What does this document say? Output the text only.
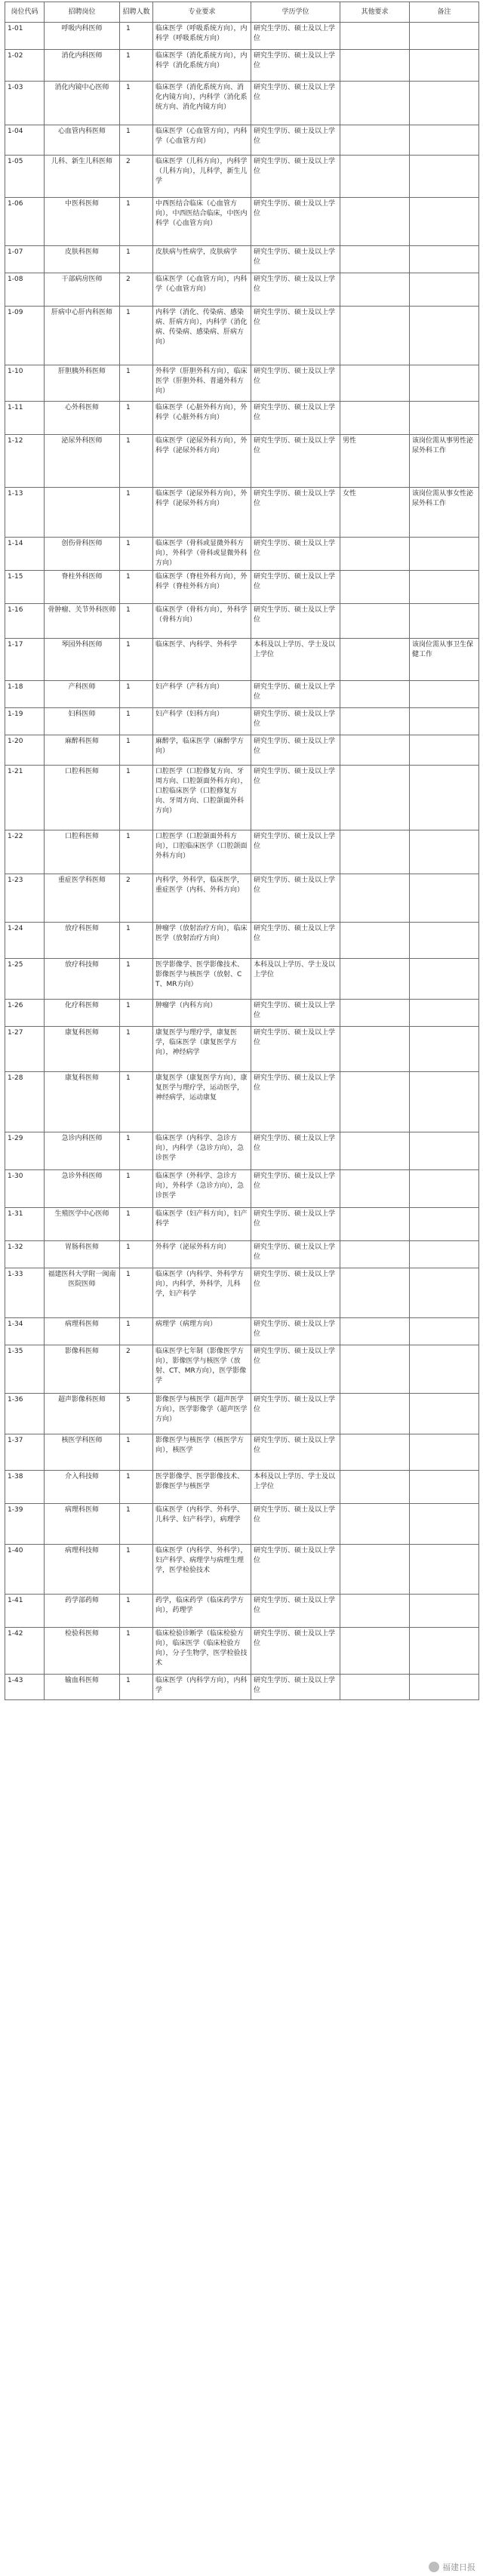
岗位代码	招聘岗位	招聘人数	专业要求	学历学位	其他要求	备注
1-01	呼吸内科医师	1	临床医学（呼吸系统方向），内科学（呼吸系统方向）	研究生学历、硕士及以上学位		
1-02	消化内科医师	1	临床医学（消化系统方向），内科学（消化系统方向）	研究生学历、硕士及以上学位		
1-03	消化内镜中心医师	1	临床医学（消化系统方向、消化内镜方向），内科学（消化系统方向、消化内镜方向）	研究生学历、硕士及以上学位		
1-04	心血管内科医师	1	临床医学（心血管方向），内科学（心血管方向）	研究生学历、硕士及以上学位		
1-05	儿科、新生儿科医师	2	临床医学（儿科方向），内科学（儿科方向），儿科学，新生儿学	研究生学历、硕士及以上学位		
1-06	中医科医师	1	中西医结合临床（心血管方向），中西医结合临床，中医内科学（心血管方向）	研究生学历、硕士及以上学位		
1-07	皮肤科医师	1	皮肤病与性病学，皮肤病学	研究生学历、硕士及以上学位		
1-08	干部病房医师	2	临床医学（心血管方向），内科学（心血管方向）	研究生学历、硕士及以上学位		
1-09	肝病中心肝内科医师	1	内科学（消化、传染病、感染病、肝病方向），内科学（消化病、传染病、感染病、肝病方向）	研究生学历、硕士及以上学位		
1-10	肝胆胰外科医师	1	外科学（肝胆外科方向），临床医学（肝胆外科、普通外科方向）	研究生学历、硕士及以上学位		
1-11	心外科医师	1	临床医学（心脏外科方向），外科学（心脏外科方向）	研究生学历、硕士及以上学位		
1-12	泌尿外科医师	1	临床医学（泌尿外科方向），外科学（泌尿外科方向）	研究生学历、硕士及以上学位	男性	该岗位需从事男性泌尿外科工作
1-13		1	临床医学（泌尿外科方向），外科学（泌尿外科方向）	研究生学历、硕士及以上学位	女性	该岗位需从事女性泌尿外科工作
1-14	创伤骨科医师	1	临床医学（骨科或显微外科方向），外科学（骨科或显微外科方向）	研究生学历、硕士及以上学位		
1-15	脊柱外科医师	1	临床医学（脊柱外科方向），外科学（脊柱外科方向）	研究生学历、硕士及以上学位		
1-16	骨肿瘤、关节外科医师	1	临床医学（骨科方向），外科学（骨科方向）	研究生学历、硕士及以上学位		
1-17	琴园外科医师	1	临床医学、内科学、外科学	本科及以上学历、学士及以上学位		该岗位需从事卫生保健工作
1-18	产科医师	1	妇产科学（产科方向）	研究生学历、硕士及以上学位		
1-19	妇科医师	1	妇产科学（妇科方向）	研究生学历、硕士及以上学位		
1-20	麻醉科医师	1	麻醉学，临床医学（麻醉学方向）	研究生学历、硕士及以上学位		
1-21	口腔科医师	1	口腔医学（口腔修复方向、牙周方向、口腔颌面外科方向），口腔临床医学（口腔修复方向、牙周方向、口腔颌面外科方向）	研究生学历、硕士及以上学位		
1-22	口腔科医师	1	口腔医学（口腔颌面外科方向），口腔临床医学（口腔颌面外科方向）	研究生学历、硕士及以上学位		
1-23	重症医学科医师	2	内科学，外科学，临床医学，重症医学（内科、外科方向）	研究生学历、硕士及以上学位		
1-24	放疗科医师	1	肿瘤学（放射治疗方向），临床医学（放射治疗方向）	研究生学历、硕士及以上学位		
1-25	放疗科技师	1	医学影像学、医学影像技术、影像医学与核医学（放射、CT、MR方向）	本科及以上学历、学士及以上学位		
1-26	化疗科医师	1	肿瘤学（内科方向）	研究生学历、硕士及以上学位		
1-27	康复科医师	1	康复医学与理疗学，康复医学，临床医学（康复医学方向），神经病学	研究生学历、硕士及以上学位		
1-28	康复科医师	1	康复医学（康复医学方向），康复医学与理疗学，运动医学，神经病学，运动康复	研究生学历、硕士及以上学位		
1-29	急诊内科医师	1	临床医学（内科学、急诊方向），内科学（急诊方向），急诊医学	研究生学历、硕士及以上学位		
1-30	急诊外科医师	1	临床医学（外科学、急诊方向），外科学（急诊方向），急诊医学	研究生学历、硕士及以上学位		
1-31	生殖医学中心医师	1	临床医学（妇产科方向），妇产科学	研究生学历、硕士及以上学位		
1-32	胃肠科医师	1	外科学（泌尿外科方向）	研究生学历、硕士及以上学位		
1-33	福建医科大学附一闽南医院医师	1	临床医学（内科学、外科学方向），内科学，外科学，儿科学，妇产科学	研究生学历、硕士及以上学位		
1-34	病理科医师	1	病理学（病理方向）	研究生学历、硕士及以上学位		
1-35	影像科医师	2	临床医学七年制（影像医学方向），影像医学与核医学（放射、CT、MR方向），医学影像学	研究生学历、硕士及以上学位		
1-36	超声影像科医师	5	影像医学与核医学（超声医学方向），医学影像学（超声医学方向）	研究生学历、硕士及以上学位		
1-37	核医学科医师	1	影像医学与核医学（核医学方向），核医学	研究生学历、硕士及以上学位		
1-38	介入科技师	1	医学影像学、医学影像技术、影像医学与核医学	本科及以上学历、学士及以上学位		
1-39	病理科医师	1	临床医学（内科学、外科学、儿科学、妇产科学），病理学	研究生学历、硕士及以上学位		
1-40	病理科技师	1	临床医学（内科学、外科学），妇产科学、病理学与病理生理学，医学检验技术	研究生学历、硕士及以上学位		
1-41	药学部药师	1	药学，临床药学（临床药学方向），药理学	研究生学历、硕士及以上学位		
1-42	检验科医师	1	临床检验诊断学（临床检验方向），临床医学（临床检验方向），分子生物学，医学检验技术	研究生学历、硕士及以上学位		
1-43	输血科医师	1	临床医学（内科学方向），内科学	研究生学历、硕士及以上学位		
福建日报
